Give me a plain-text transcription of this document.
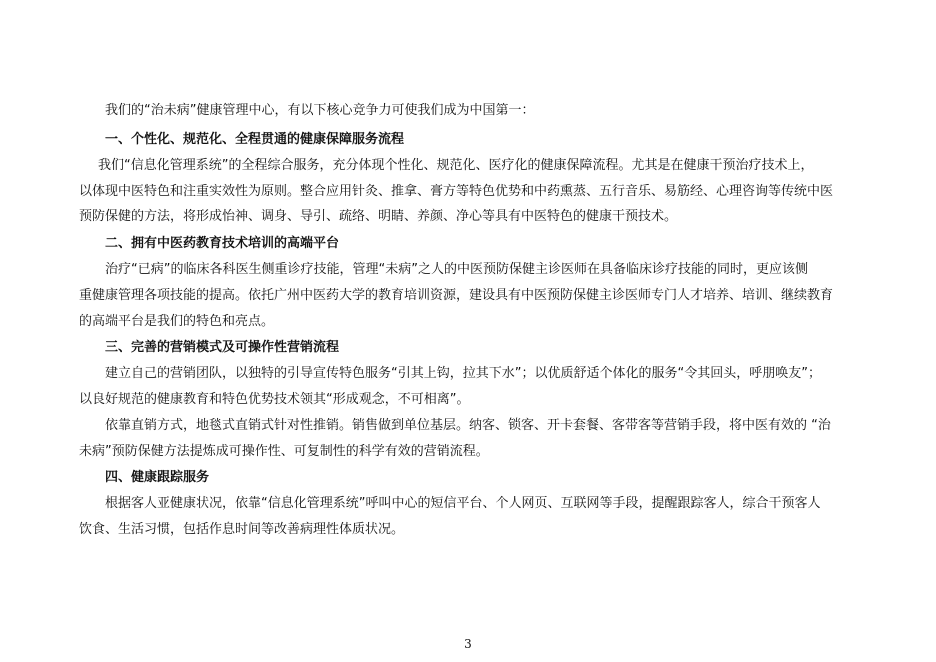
我们的“治未病”健康管理中心，有以下核心竞争力可使我们成为中国第一：
一、个性化、规范化、全程贯通的健康保障服务流程
我们“信息化管理系统”的全程综合服务，充分体现个性化、规范化、医疗化的健康保障流程。尤其是在健康干预治疗技术上，
以体现中医特色和注重实效性为原则。整合应用针灸、推拿、膏方等特色优势和中药熏蒸、五行音乐、易筋经、心理咨询等传统中医
预防保健的方法，将形成怡神、调身、导引、疏络、明睛、养颜、净心等具有中医特色的健康干预技术。
二、拥有中医药教育技术培训的高端平台
治疗“已病”的临床各科医生侧重诊疗技能，管理“未病”之人的中医预防保健主诊医师在具备临床诊疗技能的同时，更应该侧
重健康管理各项技能的提高。依托广州中医药大学的教育培训资源，建设具有中医预防保健主诊医师专门人才培养、培训、继续教育
的高端平台是我们的特色和亮点。
三、完善的营销模式及可操作性营销流程
建立自己的营销团队，以独特的引导宣传特色服务“引其上钩，拉其下水”；以优质舒适个体化的服务“令其回头，呼朋唤友”；
以良好规范的健康教育和特色优势技术领其“形成观念，不可相离”。
依靠直销方式，地毯式直销式针对性推销。销售做到单位基层。纳客、锁客、开卡套餐、客带客等营销手段，将中医有效的 “治
未病”预防保健方法提炼成可操作性、可复制性的科学有效的营销流程。
四、健康跟踪服务
根据客人亚健康状况，依靠“信息化管理系统”呼叫中心的短信平台、个人网页、互联网等手段，提醒跟踪客人，综合干预客人
饮食、生活习惯，包括作息时间等改善病理性体质状况。
3
